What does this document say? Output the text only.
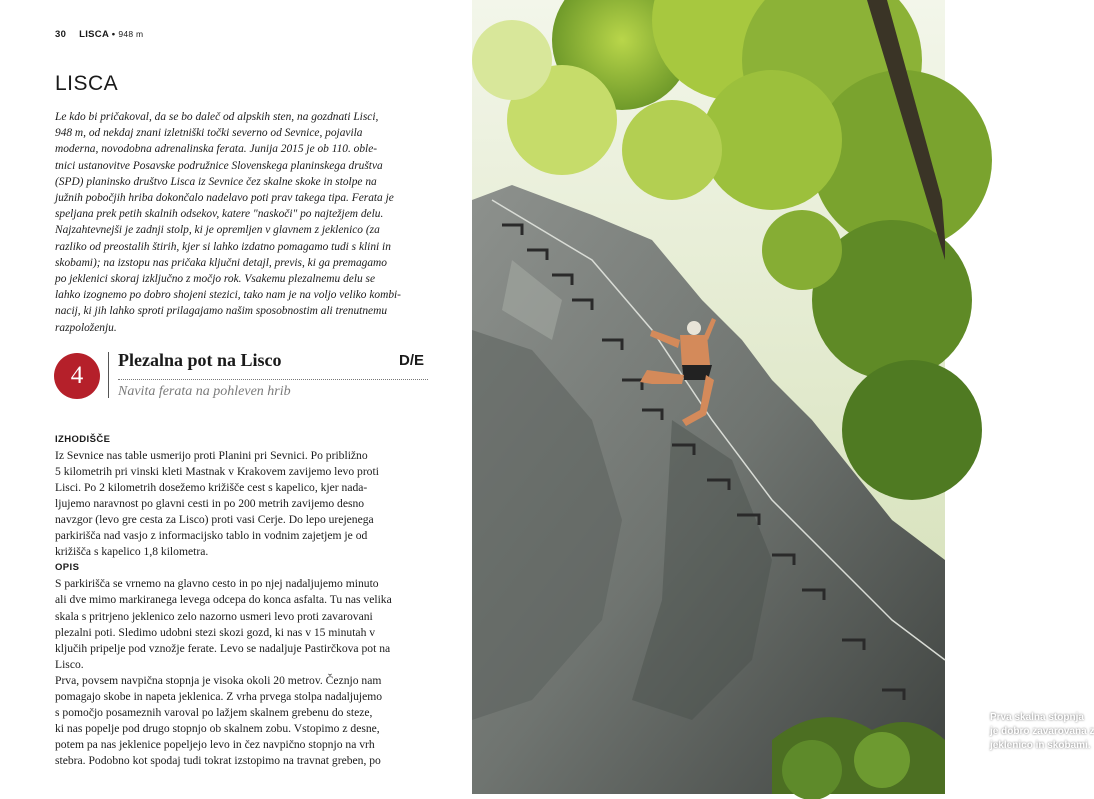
30 LISCA • 948 m
LISCA
Le kdo bi pričakoval, da se bo daleč od alpskih sten, na gozdnati Lisci,
948 m, od nekdaj znani izletniški točki severno od Sevnice, pojavila
moderna, novodobna adrenalinska ferata. Junija 2015 je ob 110. oble-
tnici ustanovitve Posavske podružnice Slovenskega planinskega društva
(SPD) planinsko društvo Lisca iz Sevnice čez skalne skoke in stolpe na
južnih pobočjih hriba dokončalo nadelavo poti prav takega tipa. Ferata je
speljana prek petih skalnih odsekov, katere "naskoči" po najtežjem delu.
Najzahtevnejši je zadnji stolp, ki je opremljen v glavnem z jeklenico (za
razliko od preostalih štirih, kjer si lahko izdatno pomagamo tudi s klini in
skobami); na izstopu nas pričaka ključni detajl, previs, ki ga premagamo
po jeklenici skoraj izključno z močjo rok. Vsakemu plezalnemu delu se
lahko izognemo po dobro shojeni stezici, tako nam je na voljo veliko kombi-
nacij, ki jih lahko sproti prilagajamo našim sposobnostim ali trenutnemu
razpoloženju.
4
Plezalna pot na Lisco	D/E
Navita ferata na pohleven hrib
IZHODIŠČE
Iz Sevnice nas table usmerijo proti Planini pri Sevnici. Po približno
5 kilometrih pri vinski kleti Mastnak v Krakovem zavijemo levo proti
Lisci. Po 2 kilometrih dosežemo križišče cest s kapelico, kjer nada-
ljujemo naravnost po glavni cesti in po 200 metrih zavijemo desno
navzgor (levo gre cesta za Lisco) proti vasi Cerje. Do lepo urejenega
parkirišča nad vasjo z informacijsko tablo in vodnim zajetjem je od
križišča s kapelico 1,8 kilometra.
OPIS
S parkirišča se vrnemo na glavno cesto in po njej nadaljujemo minuto
ali dve mimo markiranega levega odcepa do konca asfalta. Tu nas velika
skala s pritrjeno jeklenico zelo nazorno usmeri levo proti zavarovani
plezalni poti. Sledimo udobni stezi skozi gozd, ki nas v 15 minutah v
ključih pripelje pod vznožje ferate. Levo se nadaljuje Pastirčkova pot na
Lisco.
Prva, povsem navpična stopnja je visoka okoli 20 metrov. Čeznjo nam
pomagajo skobe in napeta jeklenica. Z vrha prvega stolpa nadaljujemo
s pomočjo posameznih varoval po lažjem skalnem grebenu do steze,
ki nas popelje pod drugo stopnjo ob skalnem zobu. Vstopimo z desne,
potem pa nas jeklenice popeljejo levo in čez navpično stopnjo na vrh
stebra. Podobno kot spodaj tudi tokrat izstopimo na travnat greben, po
Prva skalna stopnja
je dobro zavarovana z
jeklenico in skobami.
